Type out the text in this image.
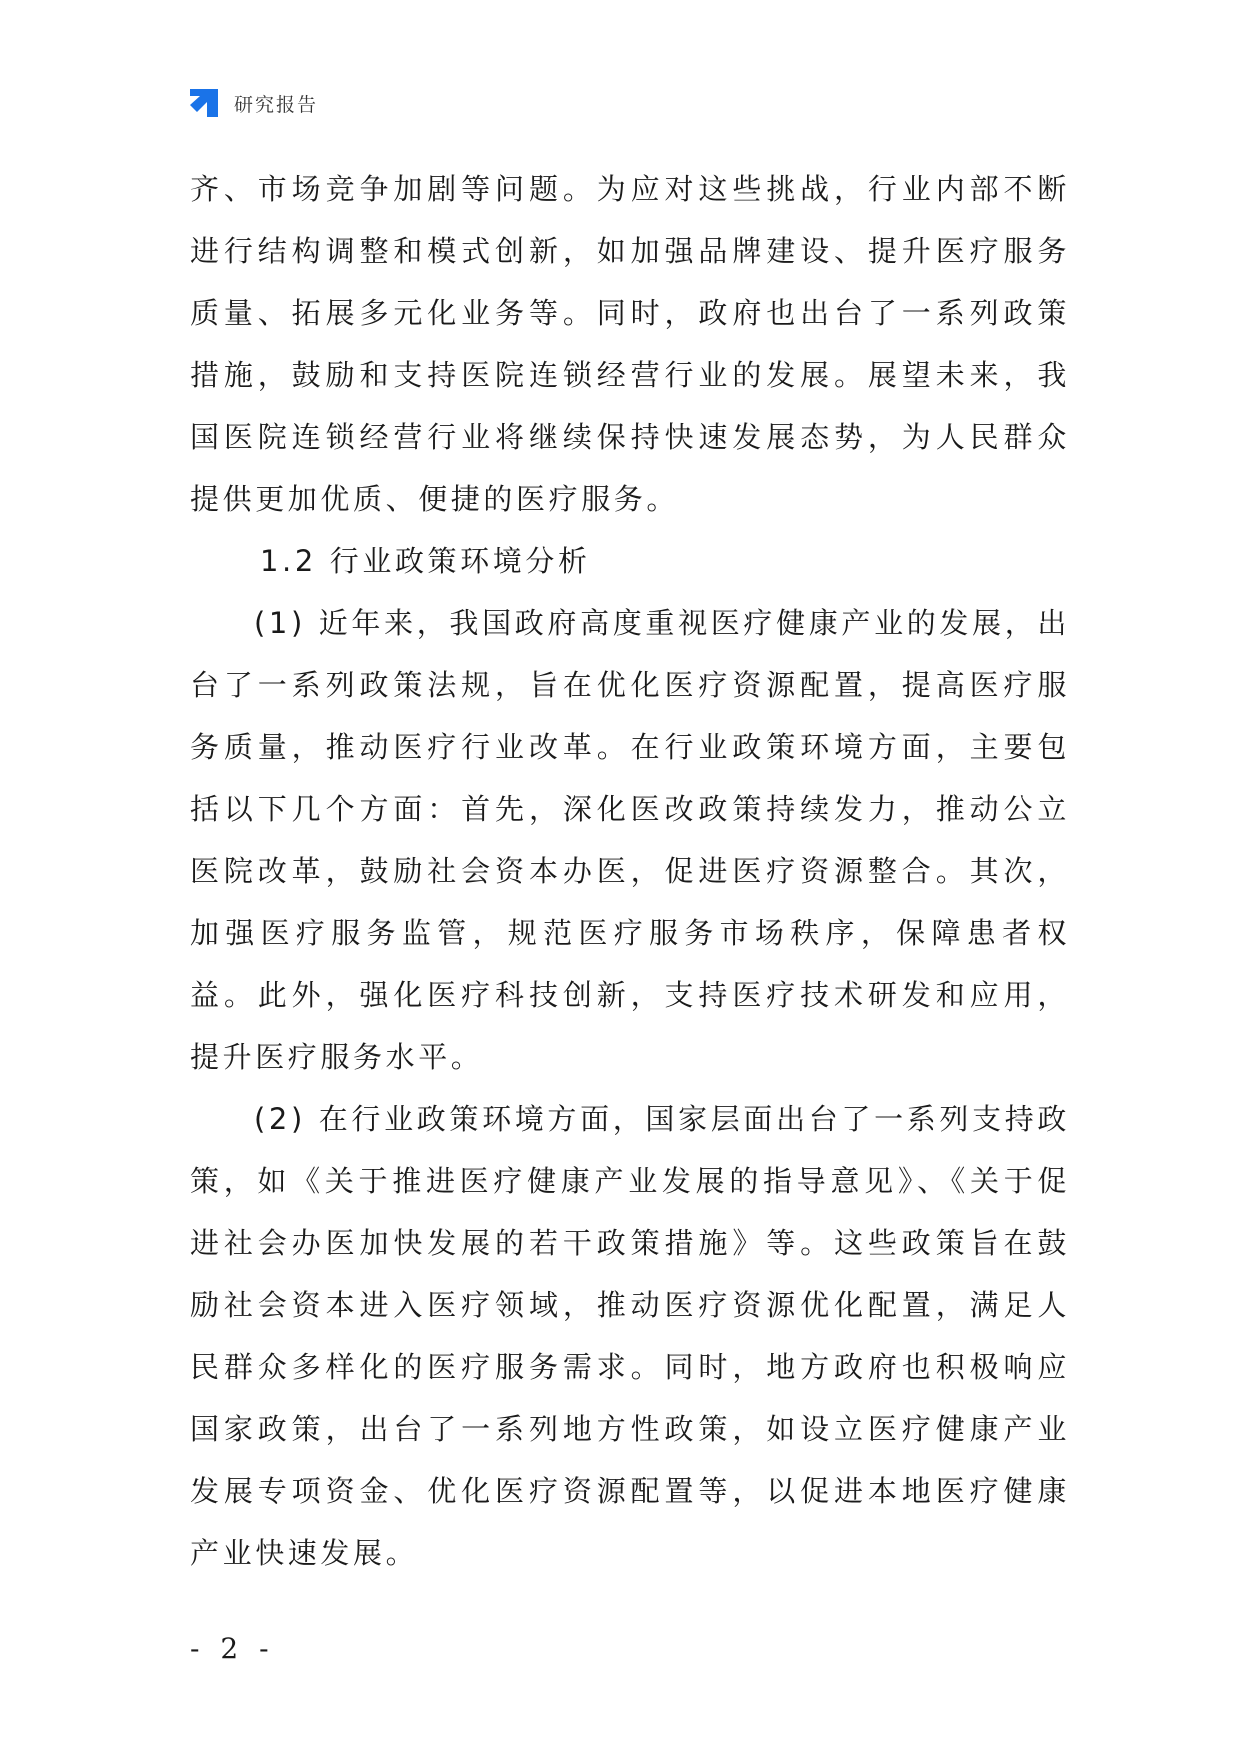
研究报告

齐、市场竞争加剧等问题。为应对这些挑战，行业内部不断进行结构调整和模式创新，如加强品牌建设、提升医疗服务质量、拓展多元化业务等。同时，政府也出台了一系列政策措施，鼓励和支持医院连锁经营行业的发展。展望未来，我国医院连锁经营行业将继续保持快速发展态势，为人民群众提供更加优质、便捷的医疗服务。

1.2 行业政策环境分析

(1) 近年来，我国政府高度重视医疗健康产业的发展，出台了一系列政策法规，旨在优化医疗资源配置，提高医疗服务质量，推动医疗行业改革。在行业政策环境方面，主要包括以下几个方面：首先，深化医改政策持续发力，推动公立医院改革，鼓励社会资本办医，促进医疗资源整合。其次，加强医疗服务监管，规范医疗服务市场秩序，保障患者权益。此外，强化医疗科技创新，支持医疗技术研发和应用，提升医疗服务水平。

(2) 在行业政策环境方面，国家层面出台了一系列支持政策，如《关于推进医疗健康产业发展的指导意见》、《关于促进社会办医加快发展的若干政策措施》等。这些政策旨在鼓励社会资本进入医疗领域，推动医疗资源优化配置，满足人民群众多样化的医疗服务需求。同时，地方政府也积极响应国家政策，出台了一系列地方性政策，如设立医疗健康产业发展专项资金、优化医疗资源配置等，以促进本地医疗健康产业快速发展。

- 2 -
